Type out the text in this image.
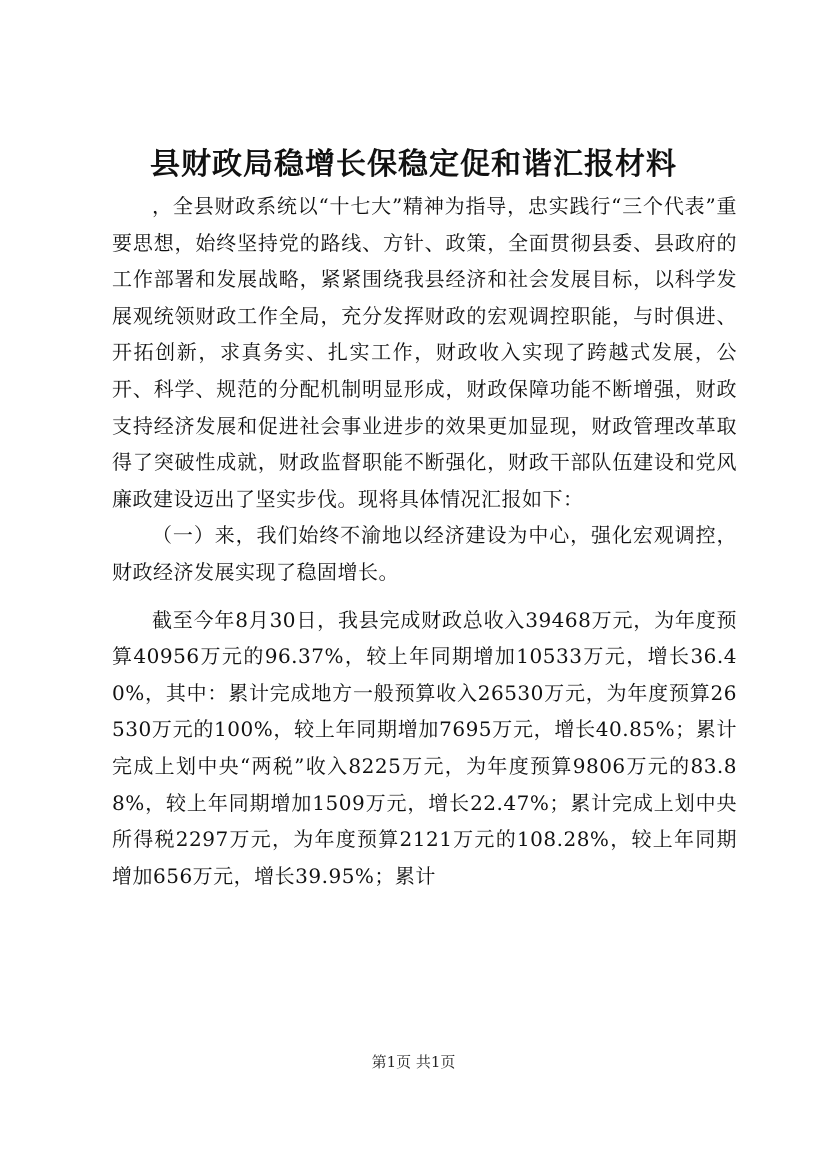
县财政局稳增长保稳定促和谐汇报材料

，全县财政系统以“十七大”精神为指导，忠实践行“三个代表”重要思想，始终坚持党的路线、方针、政策，全面贯彻县委、县政府的工作部署和发展战略，紧紧围绕我县经济和社会发展目标，以科学发展观统领财政工作全局，充分发挥财政的宏观调控职能，与时俱进、开拓创新，求真务实、扎实工作，财政收入实现了跨越式发展，公开、科学、规范的分配机制明显形成，财政保障功能不断增强，财政支持经济发展和促进社会事业进步的效果更加显现，财政管理改革取得了突破性成就，财政监督职能不断强化，财政干部队伍建设和党风廉政建设迈出了坚实步伐。现将具体情况汇报如下：

（一）来，我们始终不渝地以经济建设为中心，强化宏观调控，财政经济发展实现了稳固增长。

截至今年8月30日，我县完成财政总收入39468万元，为年度预算40956万元的96.37%，较上年同期增加10533万元，增长36.40%，其中：累计完成地方一般预算收入26530万元，为年度预算26530万元的100%，较上年同期增加7695万元，增长40.85%；累计完成上划中央“两税”收入8225万元，为年度预算9806万元的83.88%，较上年同期增加1509万元，增长22.47%；累计完成上划中央所得税2297万元，为年度预算2121万元的108.28%，较上年同期增加656万元，增长39.95%；累计

第1页 共1页
